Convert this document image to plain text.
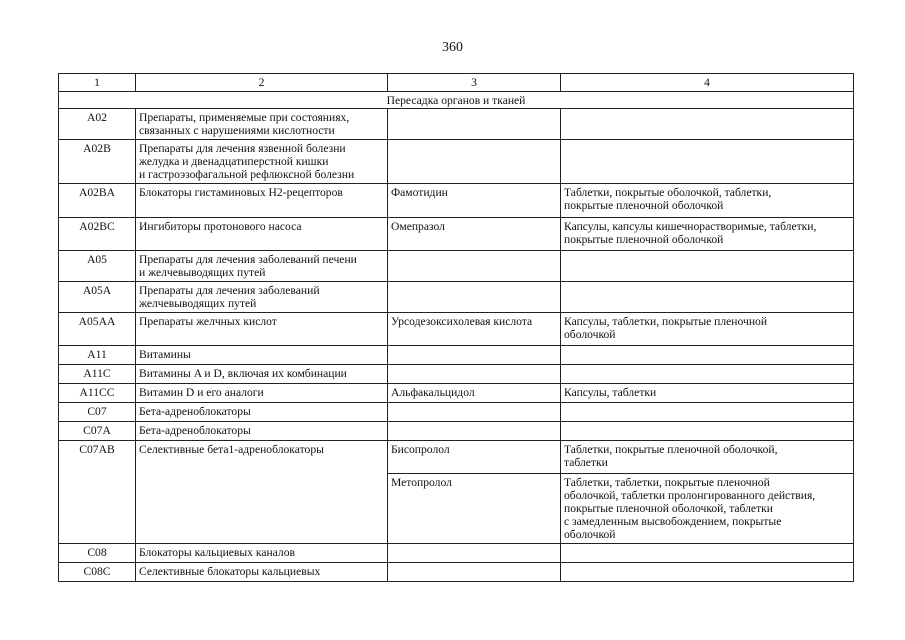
360
1	2	3	4
Пересадка органов и тканей			
A02	Препараты, применяемые при состояниях,
связанных с нарушениями кислотности		
A02B	Препараты для лечения язвенной болезни
желудка и двенадцатиперстной кишки
и гастроэзофагальной рефлюксной болезни		
A02BA	Блокаторы гистаминовых H2-рецепторов	Фамотидин	Таблетки, покрытые оболочкой, таблетки,
покрытые пленочной оболочкой
A02BC	Ингибиторы протонового насоса	Омепразол	Капсулы, капсулы кишечнорастворимые, таблетки,
покрытые пленочной оболочкой
A05	Препараты для лечения заболеваний печени
и желчевыводящих путей		
A05A	Препараты для лечения заболеваний
желчевыводящих путей		
A05AA	Препараты желчных кислот	Урсодезоксихолевая кислота	Капсулы, таблетки, покрытые пленочной
оболочкой
A11	Витамины		
A11C	Витамины A и D, включая их комбинации		
A11CC	Витамин D и его аналоги	Альфакальцидол	Капсулы, таблетки
C07	Бета-адреноблокаторы		
C07A	Бета-адреноблокаторы		
C07AB	Селективные бета1-адреноблокаторы	Бисопролол	Таблетки, покрытые пленочной оболочкой,
таблетки
		Метопролол	Таблетки, таблетки, покрытые пленочной
оболочкой, таблетки пролонгированного действия,
покрытые пленочной оболочкой, таблетки
с замедленным высвобождением, покрытые
оболочкой
C08	Блокаторы кальциевых каналов		
C08C	Селективные блокаторы кальциевых		
